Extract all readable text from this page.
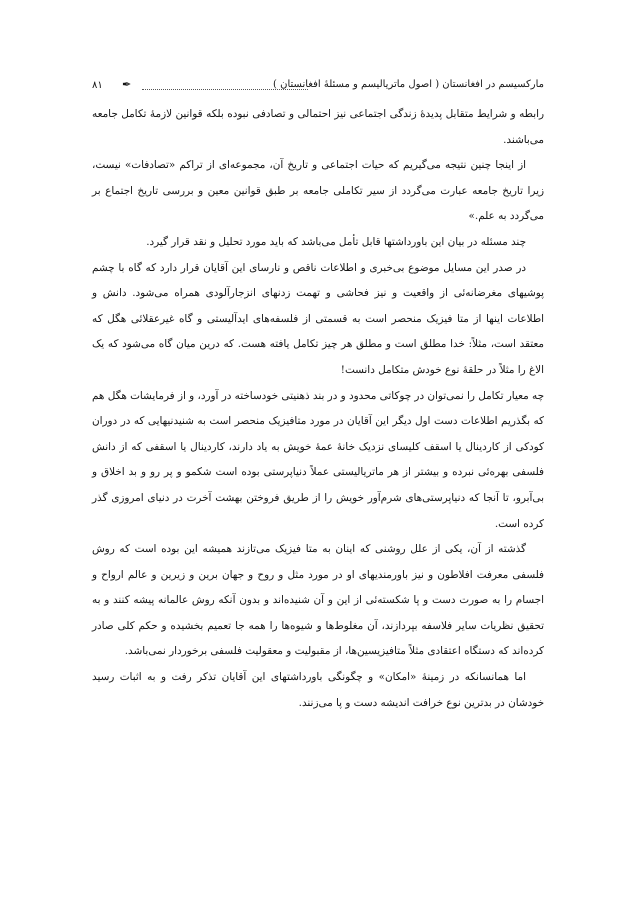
مارکسیسم در افغانستان ( اصول ماتریالیسم و مسئلهٔ افغانستان )
✒
۸۱

رابطه و شرایط متقابل پدیدهٔ زندگی اجتماعی نیز احتمالی و تصادفی نبوده بلکه قوانین لازمهٔ تکامل جامعه می‌باشند.

از اینجا چنین نتیجه می‌گیریم که حیات اجتماعی و تاریخ آن، مجموعه‌ای از تراکم «تصادفات» نیست، زیرا تاریخ جامعه عبارت می‌گردد از سیر تکاملی جامعه بر طبق قوانین معین و بررسی تاریخ اجتماع بر می‌گردد به علم.»

چند مسئله در بیان این باورداشتها قابل تأمل می‌باشد که باید مورد تحلیل و نقد قرار گیرد.

در صدر این مسایل موضوع بی‌خبری و اطلاعات ناقص و نارسای این آقایان قرار دارد که گاه با چشم پوشیهای مغرضانه‌ئی از واقعیت و نیز فحاشی و تهمت زدنهای انزجارآلودی همراه می‌شود. دانش و اطلاعات اینها از متا فیزیک منحصر است به قسمتی از فلسفه‌های ایدآلیستی و گاه غیرعقلائی هگل که معتقد است، مثلاً: خدا مطلق است و مطلق هر چیز تکامل یافته هست. که درین میان گاه می‌شود که یک الاغ را مثلاً در حلقهٔ نوع خودش متکامل دانست!

چه معیار تکامل را نمی‌توان در چوکاتی محدود و در بند ذهنیتی خودساخته در آورد، و از فرمایشات هگل هم که بگذریم اطلاعات دست اول دیگر این آقایان در مورد متافیزیک منحصر است به شنیدنیهایی که در دوران کودکی از کاردینال یا اسقف کلیسای نزدیک خانهٔ عمهٔ خویش به یاد دارند، کاردینال یا اسقفی که از دانش فلسفی بهره‌ئی نبرده و بیشتر از هر ماتریالیستی عملاً دنیاپرستی بوده است شکمو و پر رو و بد اخلاق و بی‌آبرو، تا آنجا که دنیاپرستی‌های شرم‌آور خویش را از طریق فروختن بهشت آخرت در دنیای امروزی گذر کرده است.

گذشته از آن، یکی از علل روشنی که اینان به متا فیزیک می‌تازند همیشه این بوده است که روش فلسفی معرفت افلاطون و نیز باورمندیهای او در مورد مثل و روح و جهان برین و زیرین و عالم ارواح و اجسام را به صورت دست و پا شکسته‌ئی از این و آن شنیده‌اند و بدون آنکه روش عالمانه پیشه کنند و به تحقیق نظریات سایر فلاسفه بپردازند، آن مغلوط‌ها و شیوه‌ها را همه جا تعمیم بخشیده و حکم کلی صادر کرده‌اند که دستگاه اعتقادی مثلاً متافیزیسین‌ها، از مقبولیت و معقولیت فلسفی برخوردار نمی‌باشد.

اما همانسانکه در زمینهٔ «امکان» و چگونگی باورداشتهای این آقایان تذکر رفت و به اثبات رسید خودشان در بدترین نوع خرافت اندیشه دست و پا می‌زنند.
